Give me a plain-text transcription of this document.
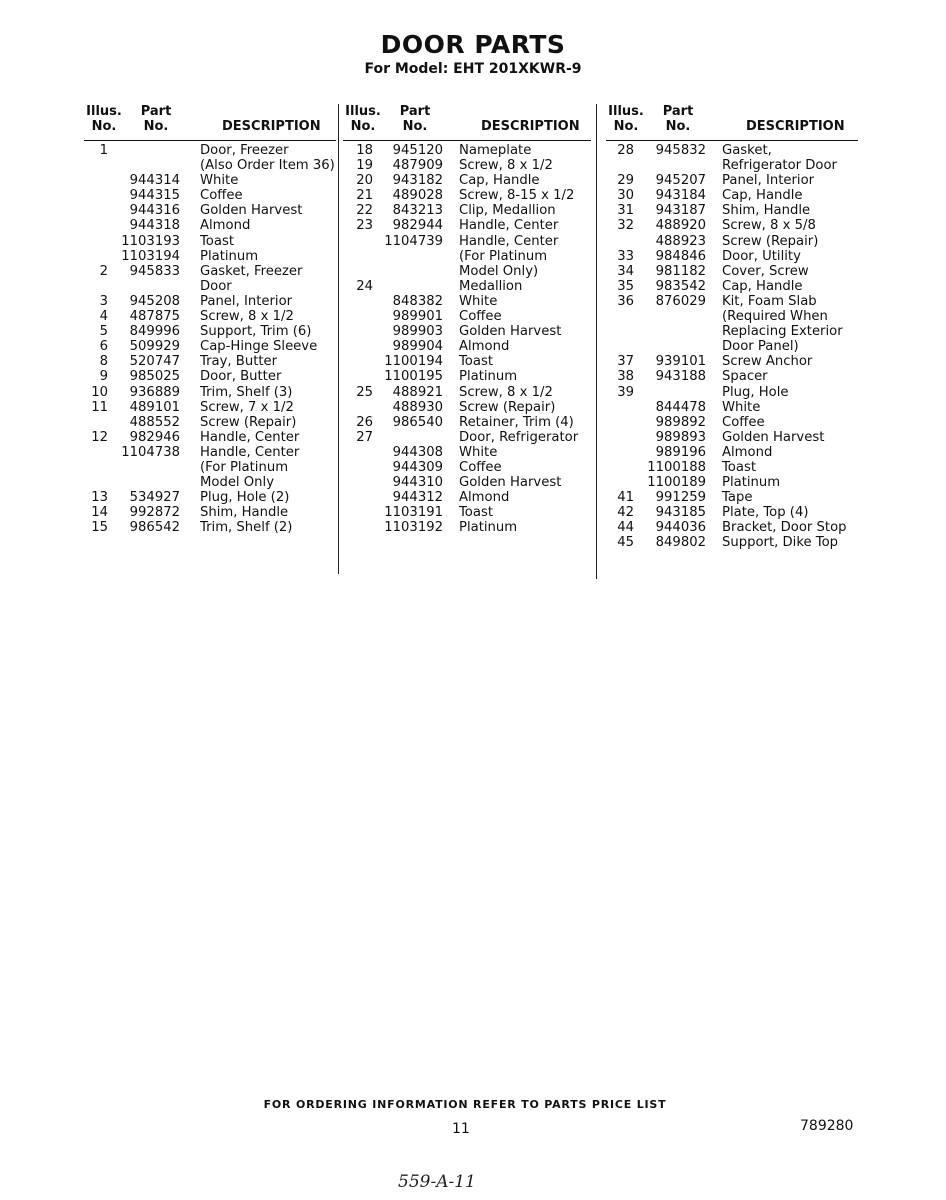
DOOR PARTS
For Model: EHT 201XKWR-9
Illus.
No.
Part
No.	DESCRIPTION
1	Door, Freezer
(Also Order Item 36)
944314 White
944315 Coffee
944316 Golden Harvest
944318 Almond
1103193 Toast
1103194 Platinum
2	945833 Gasket, Freezer
Door
3	945208 Panel, Interior
4	487875 Screw, 8 x 1/2
5	849996 Support, Trim (6)
6	509929 Cap-Hinge Sleeve
8	520747 Tray, Butter
9	985025 Door, Butter
10	936889 Trim, Shelf (3)
11	489101 Screw, 7 x 1/2
488552 Screw (Repair)
12	982946 Handle, Center
1104738 Handle, Center
(For Platinum
Model Only
13	534927 Plug, Hole (2)
14	992872 Shim, Handle
15	986542 Trim, Shelf (2)
Illus.
No.
Part
No.	DESCRIPTION
18	945120 Nameplate
19	487909 Screw, 8 x 1/2
20	943182 Cap, Handle
21	489028 Screw, 8-15 x 1/2
22	843213 Clip, Medallion
23	982944 Handle, Center
1104739 Handle, Center
(For Platinum
Model Only)
24	Medallion
848382 White
989901 Coffee
989903 Golden Harvest
989904 Almond
1100194 Toast
1100195 Platinum
25	488921 Screw, 8 x 1/2
488930 Screw (Repair)
26	986540 Retainer, Trim (4)
27	Door, Refrigerator
944308 White
944309 Coffee
944310 Golden Harvest
944312 Almond
1103191 Toast
1103192 Platinum
Illus.
No.
Part
No.	DESCRIPTION
28	945832 Gasket,
Refrigerator Door
29	945207 Panel, Interior
30	943184 Cap, Handle
31	943187 Shim, Handle
32	488920 Screw, 8 x 5/8
488923 Screw (Repair)
33	984846 Door, Utility
34	981182 Cover, Screw
35	983542 Cap, Handle
36	876029 Kit, Foam Slab
(Required When
Replacing Exterior
Door Panel)
37	939101 Screw Anchor
38	943188 Spacer
39	Plug, Hole
844478 White
989892 Coffee
989893 Golden Harvest
989196 Almond
1100188 Toast
1100189 Platinum
41	991259 Tape
42	943185 Plate, Top (4)
44	944036 Bracket, Door Stop
45	849802 Support, Dike Top
FOR ORDERING INFORMATION REFER TO PARTS PRICE LIST
11	789280
559-A-11
